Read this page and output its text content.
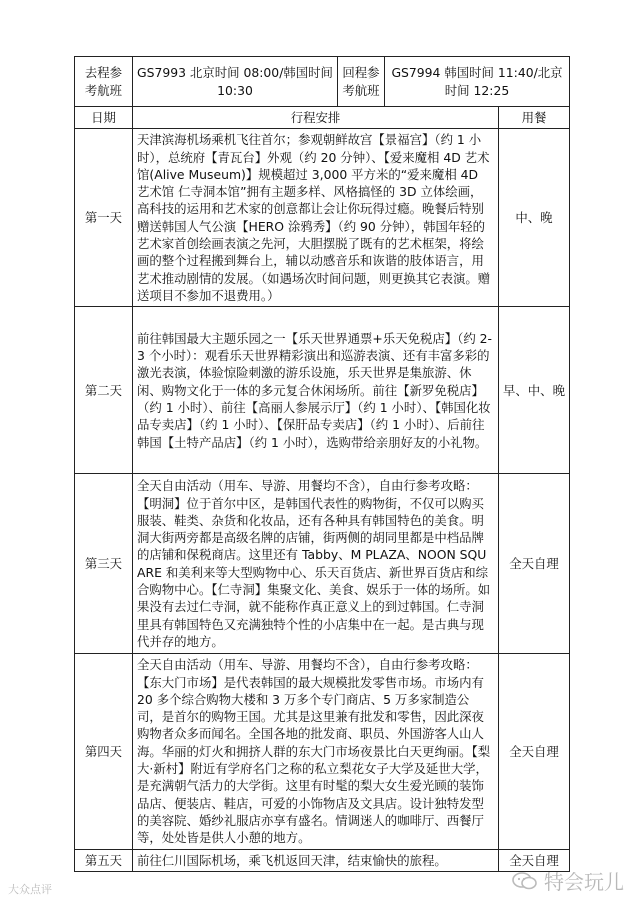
去程参考航班	GS7993 北京时间 08:00/韩国时间 10:30	回程参考航班	GS7994 韩国时间 11:40/北京时间 12:25	
日期	行程安排			用餐
第一天	天津滨海机场乘机飞往首尔；参观朝鲜故宫【景福宫】（约 1 小时），总统府【青瓦台】外观（约 20 分钟）、【爱来魔相 4D 艺术馆(Alive Museum)】规模超过 3,000 平方米的“爱来魔相 4D 艺术馆 仁寺洞本馆”拥有主题多样、风格搞怪的 3D 立体绘画，高科技的运用和艺术家的创意都让会让你玩得过瘾。晚餐后特别赠送韩国人气公演【HERO 涂鸦秀】（约 90 分钟），韩国年轻的艺术家首创绘画表演之先河，大胆摆脱了既有的艺术框架，将绘画的整个过程搬到舞台上，辅以动感音乐和诙谐的肢体语言，用艺术推动剧情的发展。（如遇场次时间问题，则更换其它表演。赠送项目不参加不退费用。）			中、晚
第二天	前往韩国最大主题乐园之一【乐天世界通票+乐天免税店】（约 2-3 个小时）：观看乐天世界精彩演出和巡游表演、还有丰富多彩的激光表演，体验惊险刺激的游乐设施，乐天世界是集旅游、休闲、购物文化于一体的多元复合休闲场所。前往【新罗免税店】（约 1 小时）、前往【高丽人参展示厅】（约 1 小时）、【韩国化妆品专卖店】（约 1 小时）、【保肝品专卖店】（约 1 小时）、后前往韩国【土特产品店】（约 1 小时），选购带给亲朋好友的小礼物。			早、中、晚
第三天	全天自由活动（用车、导游、用餐均不含），自由行参考攻略：【明洞】位于首尔中区，是韩国代表性的购物街，不仅可以购买服装、鞋类、杂货和化妆品，还有各种具有韩国特色的美食。明洞大街两旁都是高级名牌的店铺，街两侧的胡同里都是中档品牌的店铺和保税商店。这里还有 Tabby、M PLAZA、NOON SQUARE 和美利来等大型购物中心、乐天百货店、新世界百货店和综合购物中心。【仁寺洞】集聚文化、美食、娱乐于一体的场所。如果没有去过仁寺洞，就不能称作真正意义上的到过韩国。仁寺洞里具有韩国特色又充满独特个性的小店集中在一起。是古典与现代并存的地方。			全天自理
第四天	全天自由活动（用车、导游、用餐均不含），自由行参考攻略：【东大门市场】是代表韩国的最大规模批发零售市场。市场内有 20 多个综合购物大楼和 3 万多个专门商店、5 万多家制造公司，是首尔的购物王国。尤其是这里兼有批发和零售，因此深夜购物者众多而闻名。全国各地的批发商、职员、外国游客人山人海。华丽的灯火和拥挤人群的东大门市场夜景比白天更绚丽。【梨大·新村】附近有学府名门之称的私立梨花女子大学及延世大学，是充满朝气活力的大学街。这里有时髦的梨大女生爱光顾的装饰品店、便装店、鞋店，可爱的小饰物店及文具店。设计独特发型的美容院、婚纱礼服店亦享有盛名。情调迷人的咖啡厅、西餐厅等，处处皆是供人小憩的地方。			全天自理
第五天	前往仁川国际机场，乘飞机返回天津，结束愉快的旅程。			全天自理
大众点评	特会玩儿
